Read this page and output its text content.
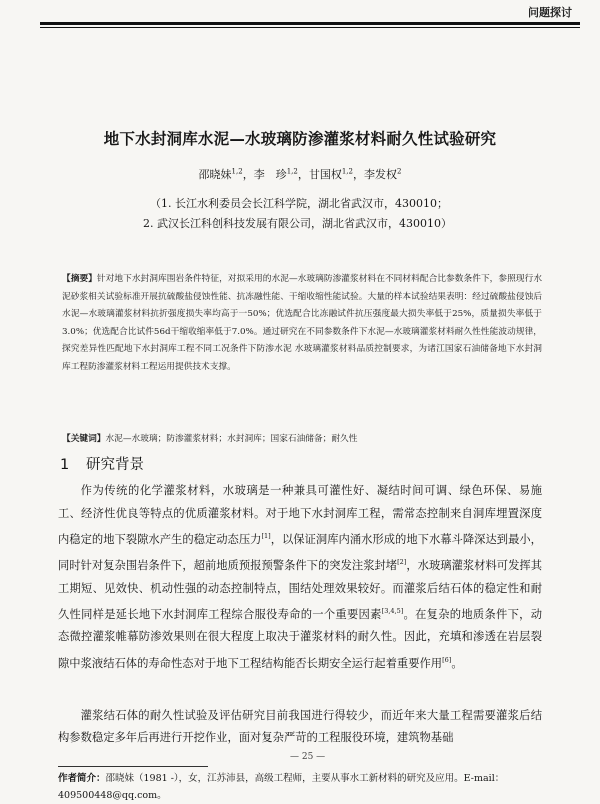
问题探讨
地下水封洞库水泥—水玻璃防渗灌浆材料耐久性试验研究
邵晓妹$^{1,2}$，李　珍$^{1,2}$，甘国权$^{1,2}$，李发权$^2$
（1. 长江水利委员会长江科学院，湖北省武汉市，430010；
2. 武汉长江科创科技发展有限公司，湖北省武汉市，430010）
【摘要】针对地下水封洞库围岩条件特征，对拟采用的水泥—水玻璃防渗灌浆材料在不同材料配合比参数条件下，参照现行水泥砂浆相关试验标准开展抗硫酸盐侵蚀性能、抗冻融性能、干缩收缩性能试验。大量的样本试验结果表明：经过硫酸盐侵蚀后水泥—水玻璃灌浆材料抗折强度损失率均高于一50%；优选配合比冻融试件抗压强度最大损失率低于25%，质量损失率低于3.0%；优选配合比试件56d干缩收缩率低于7.0%。通过研究在不同参数条件下水泥—水玻璃灌浆材料耐久性性能波动规律，探究差异性匹配地下水封洞库工程不同工况条件下防渗水泥 水玻璃灌浆材料品质控制要求，为诸江国家石油储备地下水封洞库工程防渗灌浆材料工程运用提供技术支撑。
【关键词】水泥—水玻璃；防渗灌浆材料；水封洞库；国家石油储备；耐久性
1 研究背景
作为传统的化学灌浆材料，水玻璃是一种兼具可灌性好、凝结时间可调、绿色环保、易施工、经济性优良等特点的优质灌浆材料。对于地下水封洞库工程，需常态控制来自洞库埋置深度内稳定的地下裂隙水产生的稳定动态压力[1]，以保证洞库内涌水形成的地下水幕斗降深达到最小，同时针对复杂围岩条件下，超前地质预报预警条件下的突发注浆封堵[2]，水玻璃灌浆材料可发挥其工期短、见效快、机动性强的动态控制特点，围结处理效果较好。而灌浆后结石体的稳定性和耐久性同样是延长地下水封洞库工程综合服役寿命的一个重要因素[3,4,5]。在复杂的地质条件下，动态微控灌浆帷幕防渗效果则在很大程度上取决于灌浆材料的耐久性。因此，充填和渗透在岩层裂隙中浆液结石体的寿命性态对于地下工程结构能否长期安全运行起着重要作用[6]。
灌浆结石体的耐久性试验及评估研究目前我国进行得较少，而近年来大量工程需要灌浆后结构参数稳定多年后再进行开挖作业，面对复杂严苛的工程服役环境，建筑物基础
— 25 —
作者简介：邵晓妹（1981 -），女，江苏沛县，高级工程师，主要从事水工新材料的研究及应用。E-mail：409500448@qq.com。
